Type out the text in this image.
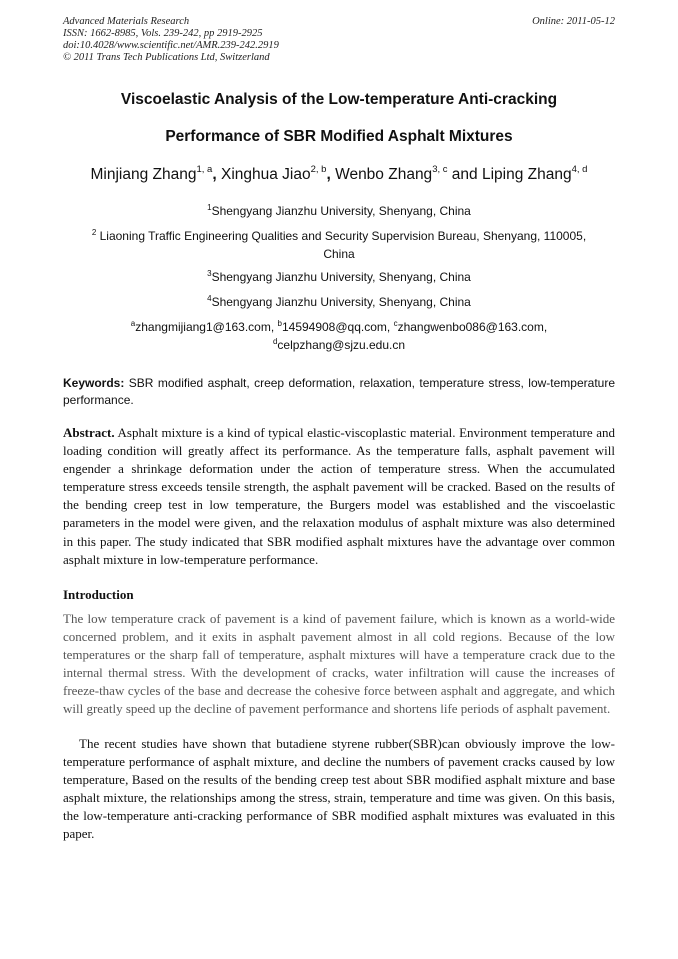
Advanced Materials Research
ISSN: 1662-8985, Vols. 239-242, pp 2919-2925
doi:10.4028/www.scientific.net/AMR.239-242.2919
© 2011 Trans Tech Publications Ltd, Switzerland
Online: 2011-05-12
Viscoelastic Analysis of the Low-temperature Anti-cracking
Performance of SBR Modified Asphalt Mixtures
Minjiang Zhang$^{1, a}$, Xinghua Jiao$^{2, b}$, Wenbo Zhang$^{3, c}$ and Liping Zhang$^{4, d}$
$^1$Shengyang Jianzhu University, Shenyang, China
$^2$ Liaoning Traffic Engineering Qualities and Security Supervision Bureau, Shenyang, 110005,
China
$^3$Shengyang Jianzhu University, Shenyang, China
$^4$Shengyang Jianzhu University, Shenyang, China
$^a$zhangmijiang1@163.com, $^b$14594908@qq.com, $^c$zhangwenbo086@163.com,
$^d$celpzhang@sjzu.edu.cn
Keywords: SBR modified asphalt, creep deformation, relaxation, temperature stress, low-temperature performance.
Abstract. Asphalt mixture is a kind of typical elastic-viscoplastic material. Environment temperature and loading condition will greatly affect its performance. As the temperature falls, asphalt pavement will engender a shrinkage deformation under the action of temperature stress. When the accumulated temperature stress exceeds tensile strength, the asphalt pavement will be cracked. Based on the results of the bending creep test in low temperature, the Burgers model was established and the viscoelastic parameters in the model were given, and the relaxation modulus of asphalt mixture was also determined in this paper. The study indicated that SBR modified asphalt mixtures have the advantage over common asphalt mixture in low-temperature performance.
Introduction
The low temperature crack of pavement is a kind of pavement failure, which is known as a world-wide concerned problem, and it exits in asphalt pavement almost in all cold regions. Because of the low temperatures or the sharp fall of temperature, asphalt mixtures will have a temperature crack due to the internal thermal stress. With the development of cracks, water infiltration will cause the increases of freeze-thaw cycles of the base and decrease the cohesive force between asphalt and aggregate, and which will greatly speed up the decline of pavement performance and shortens life periods of asphalt pavement.
The recent studies have shown that butadiene styrene rubber(SBR)can obviously improve the low-temperature performance of asphalt mixture, and decline the numbers of pavement cracks caused by low temperature, Based on the results of the bending creep test about SBR modified asphalt mixture and base asphalt mixture, the relationships among the stress, strain, temperature and time was given. On this basis, the low-temperature anti-cracking performance of SBR modified asphalt mixtures was evaluated in this paper.
